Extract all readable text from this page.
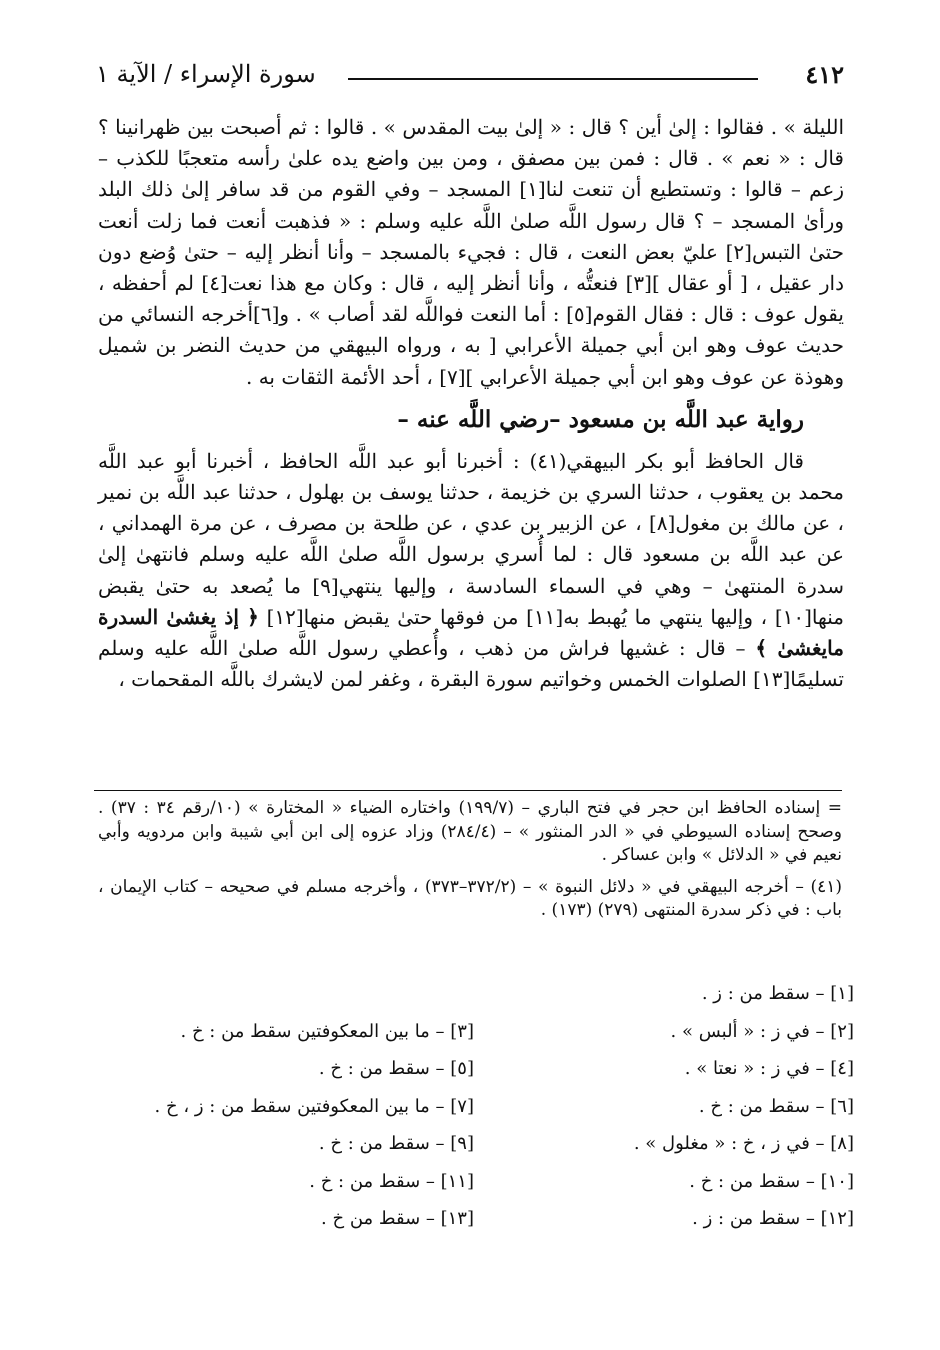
٤١٢
سورة الإسراء / الآية ١

الليلة » . فقالوا : إلىٰ أين ؟ قال : « إلىٰ بيت المقدس » . قالوا : ثم أصبحت بين ظهرانينا ؟ قال : « نعم » . قال : فمن بين مصفق ، ومن بين واضع يده علىٰ رأسه متعجبًا للكذب – زعم – قالوا : وتستطيع أن تنعت لنا[١] المسجد – وفي القوم من قد سافر إلىٰ ذلك البلد ورأىٰ المسجد – ؟ قال رسول اللَّه صلىٰ اللَّه عليه وسلم : « فذهبت أنعت فما زلت أنعت حتىٰ التبس[٢] عليّ بعض النعت ، قال : فجيء بالمسجد – وأنا أنظر إليه – حتىٰ وُضع دون دار عقيل ، [ أو عقال ][٣] فنعتُّه ، وأنا أنظر إليه ، قال : وكان مع هذا نعت[٤] لم أحفظه ، يقول عوف : قال : فقال القوم[٥] : أما النعت فواللَّه لقد أصاب » . و[٦]أخرجه النسائي من حديث عوف وهو ابن أبي جميلة الأعرابي [ به ، ورواه البيهقي من حديث النضر بن شميل وهوذة عن عوف وهو ابن أبي جميلة الأعرابي ][٧] ، أحد الأئمة الثقات به .

رواية عبد اللَّه بن مسعود –رضي اللَّه عنه –

قال الحافظ أبو بكر البيهقي(٤١) : أخبرنا أبو عبد اللَّه الحافظ ، أخبرنا أبو عبد اللَّه محمد بن يعقوب ، حدثنا السري بن خزيمة ، حدثنا يوسف بن بهلول ، حدثنا عبد اللَّه بن نمير ، عن مالك بن مغول[٨] ، عن الزبير بن عدي ، عن طلحة بن مصرف ، عن مرة الهمداني ، عن عبد اللَّه بن مسعود قال : لما أُسري برسول اللَّه صلىٰ اللَّه عليه وسلم فانتهىٰ إلىٰ سدرة المنتهىٰ – وهي في السماء السادسة ، وإليها ينتهي[٩] ما يُصعد به حتىٰ يقبض منها[١٠] ، وإليها ينتهي ما يُهبط به[١١] من فوقها حتىٰ يقبض منها[١٢] ﴿ إذ يغشىٰ السدرة مايغشىٰ ﴾ – قال : غشيها فراش من ذهب ، وأُعطي رسول اللَّه صلىٰ اللَّه عليه وسلم تسليمًا[١٣] الصلوات الخمس وخواتيم سورة البقرة ، وغفر لمن لايشرك باللَّه المقحمات ،

= إسناده الحافظ ابن حجر في فتح الباري – (١٩٩/٧) واختاره الضياء « المختارة » (١٠/رقم ٣٤ : ٣٧) . وصحح إسناده السيوطي في « الدر المنثور » – (٢٨٤/٤) وزاد عزوه إلى ابن أبي شيبة وابن مردويه وأبي نعيم في « الدلائل » وابن عساكر .

(٤١) – أخرجه البيهقي في « دلائل النبوة » – (٣٧٢/٢–٣٧٣) ، وأخرجه مسلم في صحيحه – كتاب الإيمان ، باب : في ذكر سدرة المنتهى (٢٧٩) (١٧٣) .

[١] – سقط من : ز .
[٢] – في ز : « ألبس » .
[٣] – ما بين المعكوفتين سقط من : خ .
[٤] – في ز : « نعتا » .
[٥] – سقط من : خ .
[٦] – سقط من : خ .
[٧] – ما بين المعكوفتين سقط من : ز ، خ .
[٨] – في ز ، خ : « مغلول » .
[٩] – سقط من : خ .
[١٠] – سقط من : خ .
[١١] – سقط من : خ .
[١٢] – سقط من : ز .
[١٣] – سقط من خ .
